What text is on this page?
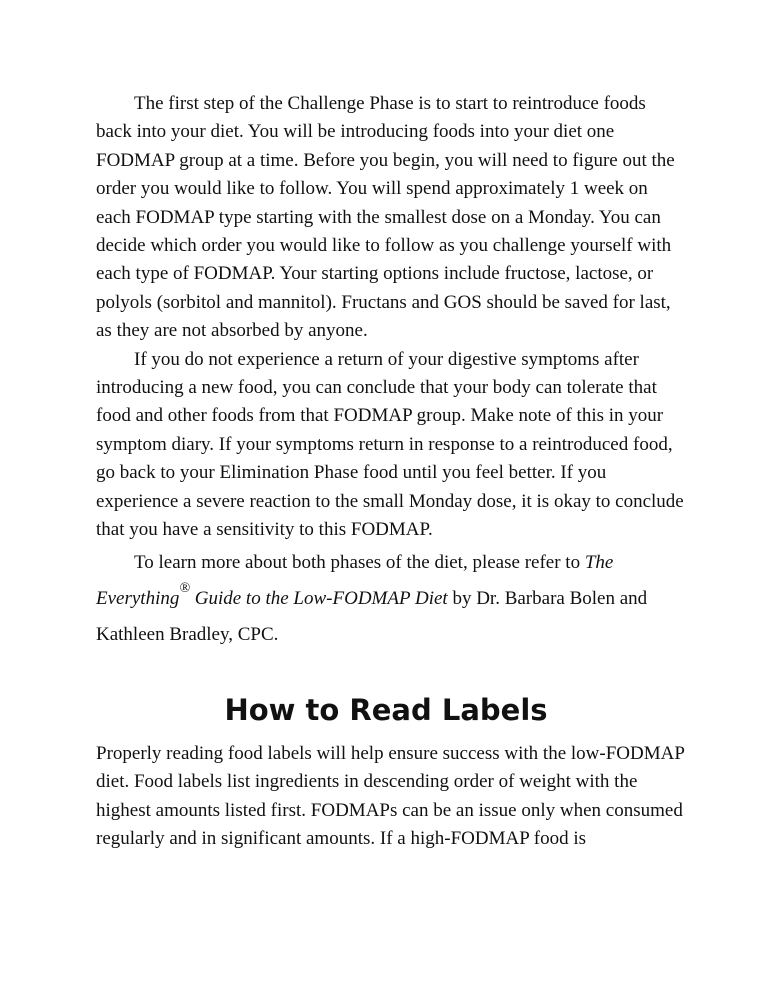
The first step of the Challenge Phase is to start to reintroduce foods back into your diet. You will be introducing foods into your diet one FODMAP group at a time. Before you begin, you will need to figure out the order you would like to follow. You will spend approximately 1 week on each FODMAP type starting with the smallest dose on a Monday. You can decide which order you would like to follow as you challenge yourself with each type of FODMAP. Your starting options include fructose, lactose, or polyols (sorbitol and mannitol). Fructans and GOS should be saved for last, as they are not absorbed by anyone.

If you do not experience a return of your digestive symptoms after introducing a new food, you can conclude that your body can tolerate that food and other foods from that FODMAP group. Make note of this in your symptom diary. If your symptoms return in response to a reintroduced food, go back to your Elimination Phase food until you feel better. If you experience a severe reaction to the small Monday dose, it is okay to conclude that you have a sensitivity to this FODMAP.

To learn more about both phases of the diet, please refer to The Everything® Guide to the Low-FODMAP Diet by Dr. Barbara Bolen and Kathleen Bradley, CPC.

How to Read Labels

Properly reading food labels will help ensure success with the low-FODMAP diet. Food labels list ingredients in descending order of weight with the highest amounts listed first. FODMAPs can be an issue only when consumed regularly and in significant amounts. If a high-FODMAP food is
